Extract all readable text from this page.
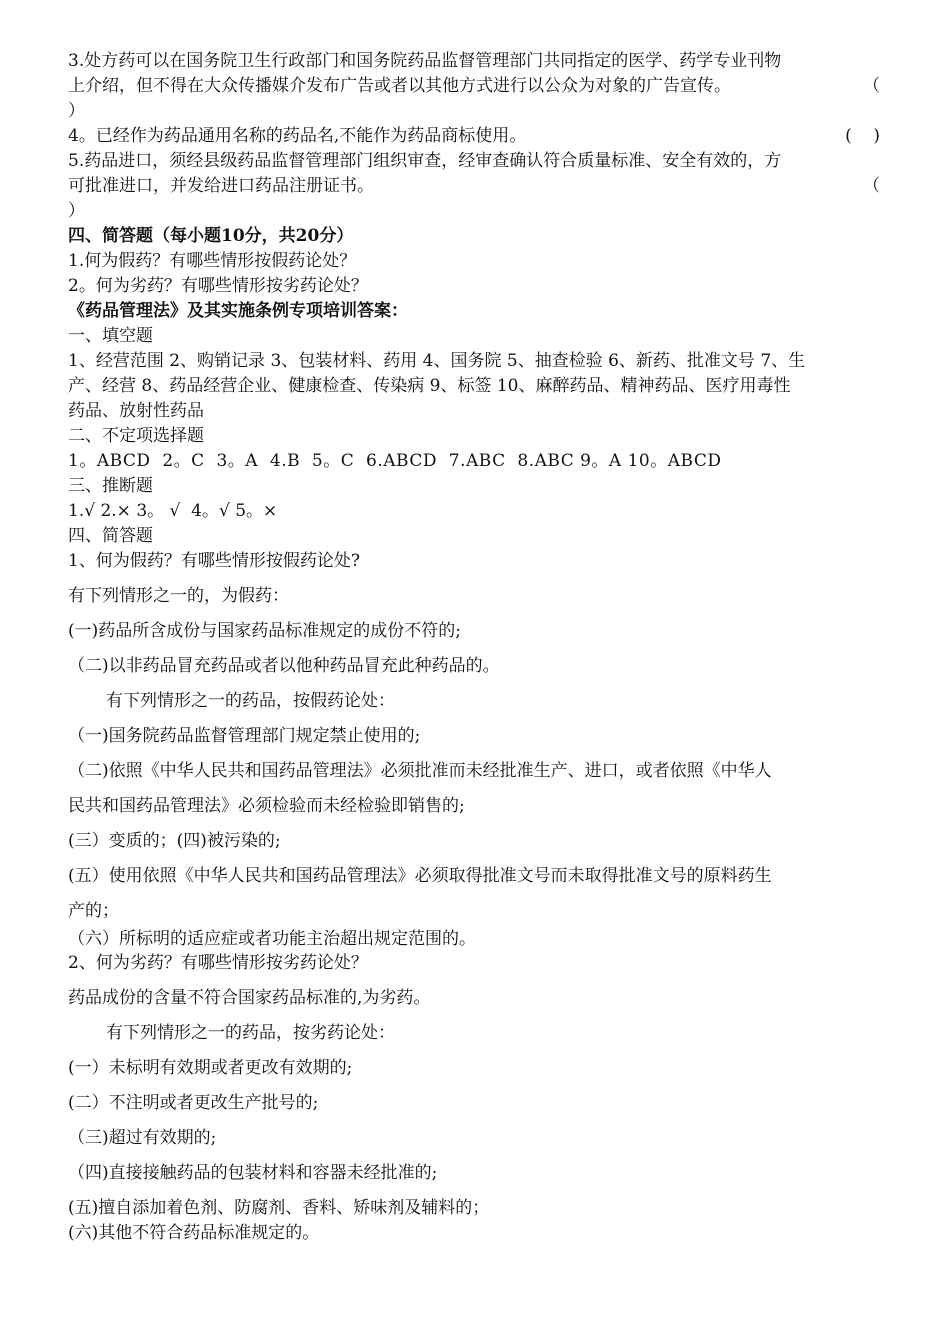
3.处方药可以在国务院卫生行政部门和国务院药品监督管理部门共同指定的医学、药学专业刊物
上介绍，但不得在大众传播媒介发布广告或者以其他方式进行以公众为对象的广告宣传。	（
）
4。已经作为药品通用名称的药品名,不能作为药品商标使用。	(    )
5.药品进口，须经县级药品监督管理部门组织审查，经审查确认符合质量标准、安全有效的，方
可批准进口，并发给进口药品注册证书。	（
）
四、简答题（每小题10分，共20分）
1.何为假药？有哪些情形按假药论处？
2。何为劣药？有哪些情形按劣药论处？
《药品管理法》及其实施条例专项培训答案：
一、填空题
1、经营范围 2、购销记录 3、包装材料、药用 4、国务院 5、抽查检验 6、新药、批准文号 7、生
产、经营 8、药品经营企业、健康检查、传染病 9、标签 10、麻醉药品、精神药品、医疗用毒性
药品、放射性药品
二、不定项选择题
1。ABCD  2。C  3。A  4.B  5。C  6.ABCD  7.ABC  8.ABC 9。A 10。ABCD
三、推断题
1.√ 2.× 3。 √  4。√ 5。×
四、简答题
1、何为假药？有哪些情形按假药论处?
有下列情形之一的，为假药：
(一)药品所含成份与国家药品标准规定的成份不符的;
（二)以非药品冒充药品或者以他种药品冒充此种药品的。
有下列情形之一的药品，按假药论处：
（一)国务院药品监督管理部门规定禁止使用的;
（二)依照《中华人民共和国药品管理法》必须批准而未经批准生产、进口，或者依照《中华人
民共和国药品管理法》必须检验而未经检验即销售的;
(三）变质的；(四)被污染的;
(五）使用依照《中华人民共和国药品管理法》必须取得批准文号而未取得批准文号的原料药生
产的；
（六）所标明的适应症或者功能主治超出规定范围的。
2、何为劣药？有哪些情形按劣药论处？
药品成份的含量不符合国家药品标准的,为劣药。
有下列情形之一的药品，按劣药论处：
(一）未标明有效期或者更改有效期的;
(二）不注明或者更改生产批号的;
（三)超过有效期的;
（四)直接接触药品的包装材料和容器未经批准的;
(五)擅自添加着色剂、防腐剂、香料、矫味剂及辅料的；
(六)其他不符合药品标准规定的。
